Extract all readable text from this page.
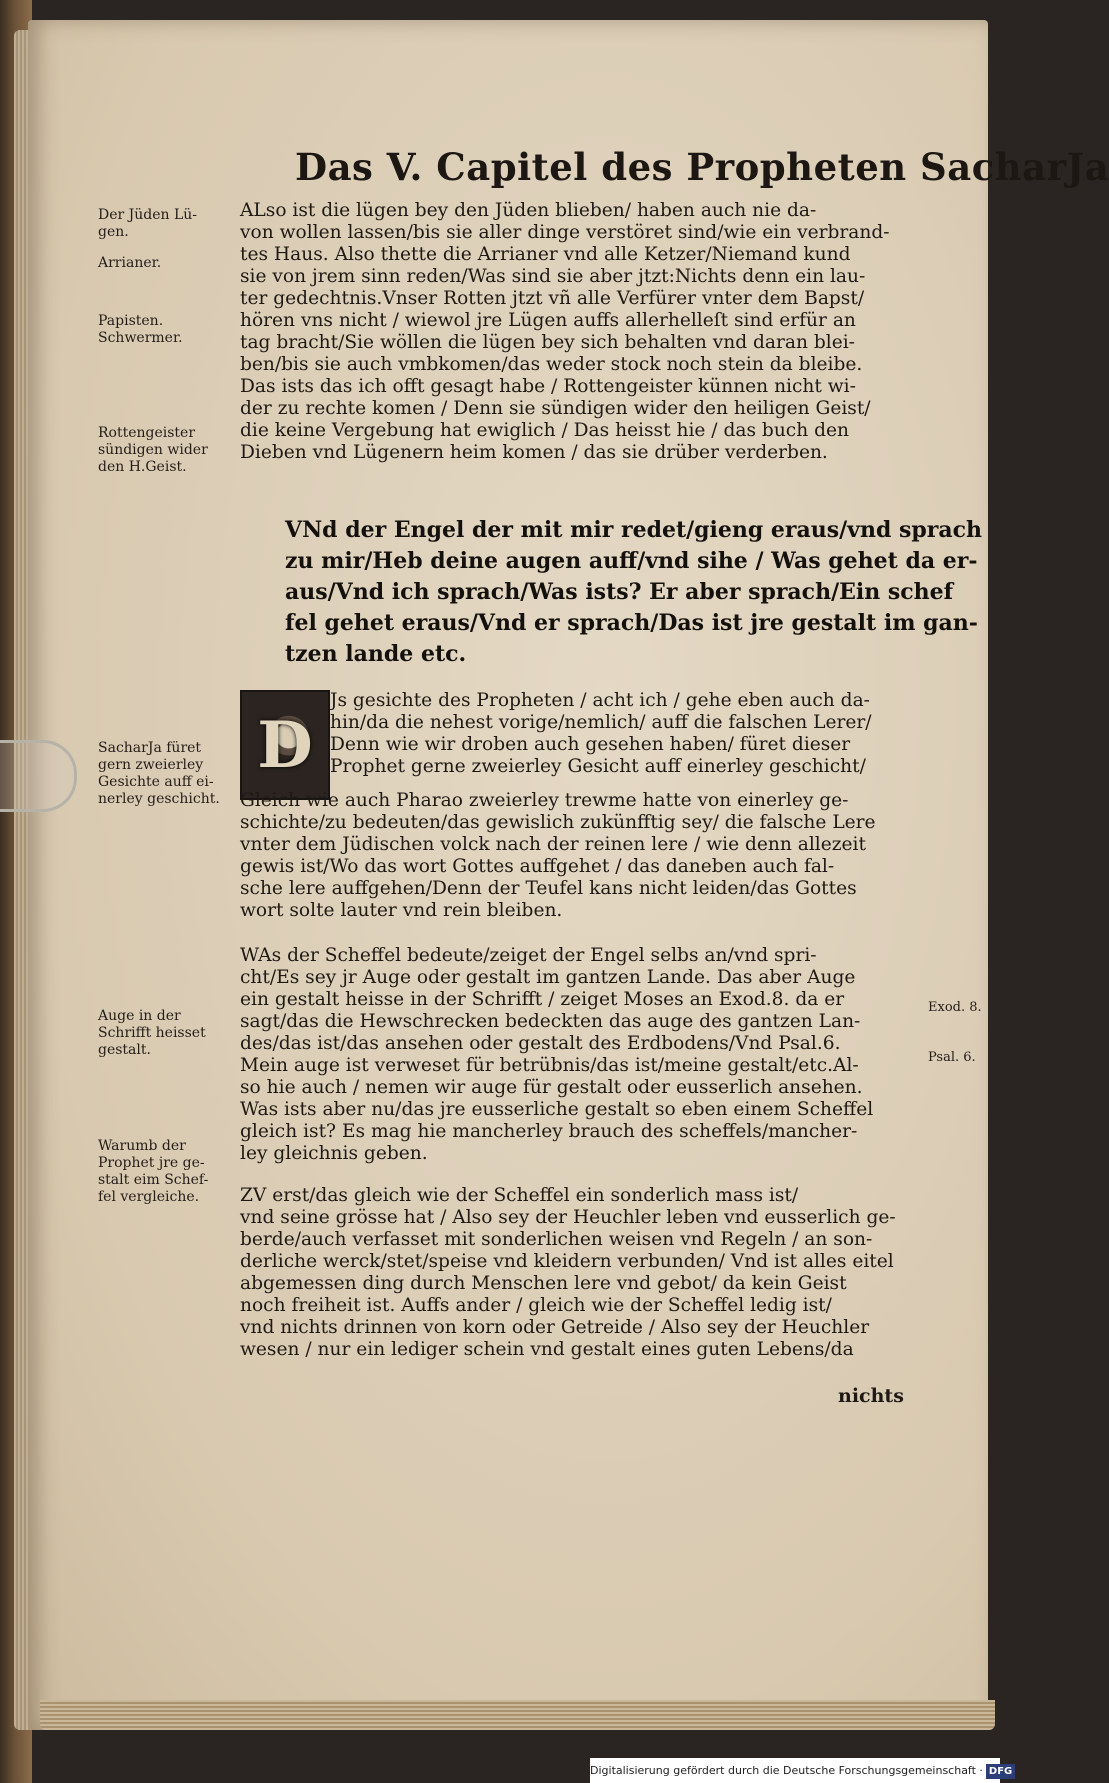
Das V. Capitel des Propheten SacharJa
Der Jüden Lü-
gen.
Arrianer.
Papisten.
Schwermer.
Rottengeister
sündigen wider
den H.Geist.
SacharJa füret
gern zweierley
Gesichte auff ei-
nerley geschicht.
Auge in der
Schrifft heisset
gestalt.
Warumb der
Prophet jre ge-
stalt eim Schef-
fel vergleiche.
Exod. 8.
Psal. 6.
ALso ist die lügen bey den Jüden blieben/ haben auch nie da-
von wollen lassen/bis sie aller dinge verstöret sind/wie ein verbrand-
tes Haus. Also thette die Arrianer vnd alle Ketzer/Niemand kund
sie von jrem sinn reden/Was sind sie aber jtzt:Nichts denn ein lau-
ter gedechtnis.Vnser Rotten jtzt vñ alle Verfürer vnter dem Bapst/
hören vns nicht / wiewol jre Lügen auffs allerhelleſt sind erfür an
tag bracht/Sie wöllen die lügen bey sich behalten vnd daran blei-
ben/bis sie auch vmbkomen/das weder stock noch stein da bleibe.
Das ists das ich offt gesagt habe / Rottengeister künnen nicht wi-
der zu rechte komen / Denn sie sündigen wider den heiligen Geist/
die keine Vergebung hat ewiglich / Das heisst hie / das buch den
Dieben vnd Lügenern heim komen / das sie drüber verderben.
VNd der Engel der mit mir redet/gieng eraus/vnd sprach
zu mir/Heb deine augen auff/vnd sihe / Was gehet da er-
aus/Vnd ich sprach/Was ists? Er aber sprach/Ein schef
fel gehet eraus/Vnd er sprach/Das ist jre gestalt im gan-
tzen lande etc.
D
Js gesichte des Propheten / acht ich / gehe eben auch da-
hin/da die nehest vorige/nemlich/ auff die falschen Lerer/
Denn wie wir droben auch gesehen haben/ füret dieser
Prophet gerne zweierley Gesicht auff einerley geschicht/
Gleich wie auch Pharao zweierley trewme hatte von einerley ge-
schichte/zu bedeuten/das gewislich zukünfftig sey/ die falsche Lere
vnter dem Jüdischen volck nach der reinen lere / wie denn allezeit
gewis ist/Wo das wort Gottes auffgehet / das daneben auch fal-
sche lere auffgehen/Denn der Teufel kans nicht leiden/das Gottes
wort solte lauter vnd rein bleiben.
WAs der Scheffel bedeute/zeiget der Engel selbs an/vnd spri-
cht/Es sey jr Auge oder gestalt im gantzen Lande. Das aber Auge
ein gestalt heisse in der Schrifft / zeiget Moses an Exod.8. da er
sagt/das die Hewschrecken bedeckten das auge des gantzen Lan-
des/das ist/das ansehen oder gestalt des Erdbodens/Vnd Psal.6.
Mein auge ist verweset für betrübnis/das ist/meine gestalt/etc.Al-
so hie auch / nemen wir auge für gestalt oder eusserlich ansehen.
Was ists aber nu/das jre eusserliche gestalt so eben einem Scheffel
gleich ist? Es mag hie mancherley brauch des scheffels/mancher-
ley gleichnis geben.
ZV erst/das gleich wie der Scheffel ein sonderlich mass ist/
vnd seine grösse hat / Also sey der Heuchler leben vnd eusserlich ge-
berde/auch verfasset mit sonderlichen weisen vnd Regeln / an son-
derliche werck/stet/speise vnd kleidern verbunden/ Vnd ist alles eitel
abgemessen ding durch Menschen lere vnd gebot/ da kein Geist
noch freiheit ist. Auffs ander / gleich wie der Scheffel ledig ist/
vnd nichts drinnen von korn oder Getreide / Also sey der Heuchler
wesen / nur ein lediger schein vnd gestalt eines guten Lebens/da
nichts
Digitalisierung gefördert durch die Deutsche Forschungsgemeinschaft · DFG
